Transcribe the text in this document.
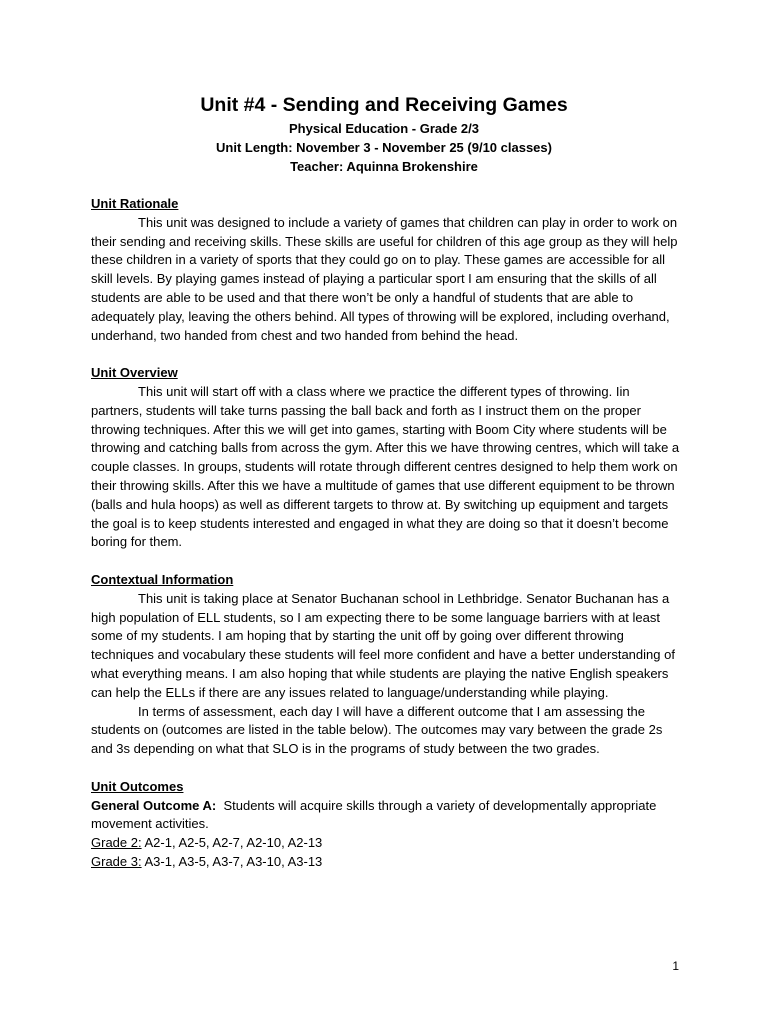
Unit #4 - Sending and Receiving Games
Physical Education - Grade 2/3
Unit Length: November 3 - November 25 (9/10 classes)
Teacher: Aquinna Brokenshire

Unit Rationale

This unit was designed to include a variety of games that children can play in order to work on their sending and receiving skills. These skills are useful for children of this age group as they will help these children in a variety of sports that they could go on to play. These games are accessible for all skill levels. By playing games instead of playing a particular sport I am ensuring that the skills of all students are able to be used and that there won’t be only a handful of students that are able to adequately play, leaving the others behind. All types of throwing will be explored, including overhand, underhand, two handed from chest and two handed from behind the head.

Unit Overview

This unit will start off with a class where we practice the different types of throwing. Iin partners, students will take turns passing the ball back and forth as I instruct them on the proper throwing techniques. After this we will get into games, starting with Boom City where students will be throwing and catching balls from across the gym. After this we have throwing centres, which will take a couple classes. In groups, students will rotate through different centres designed to help them work on their throwing skills. After this we have a multitude of games that use different equipment to be thrown (balls and hula hoops) as well as different targets to throw at. By switching up equipment and targets the goal is to keep students interested and engaged in what they are doing so that it doesn’t become boring for them.

Contextual Information

This unit is taking place at Senator Buchanan school in Lethbridge. Senator Buchanan has a high population of ELL students, so I am expecting there to be some language barriers with at least some of my students. I am hoping that by starting the unit off by going over different throwing techniques and vocabulary these students will feel more confident and have a better understanding of what everything means. I am also hoping that while students are playing the native English speakers can help the ELLs if there are any issues related to language/understanding while playing.

In terms of assessment, each day I will have a different outcome that I am assessing the students on (outcomes are listed in the table below). The outcomes may vary between the grade 2s and 3s depending on what that SLO is in the programs of study between the two grades.

Unit Outcomes

General Outcome A: Students will acquire skills through a variety of developmentally appropriate movement activities.

Grade 2: A2-1, A2-5, A2-7, A2-10, A2-13

Grade 3: A3-1, A3-5, A3-7, A3-10, A3-13

1
